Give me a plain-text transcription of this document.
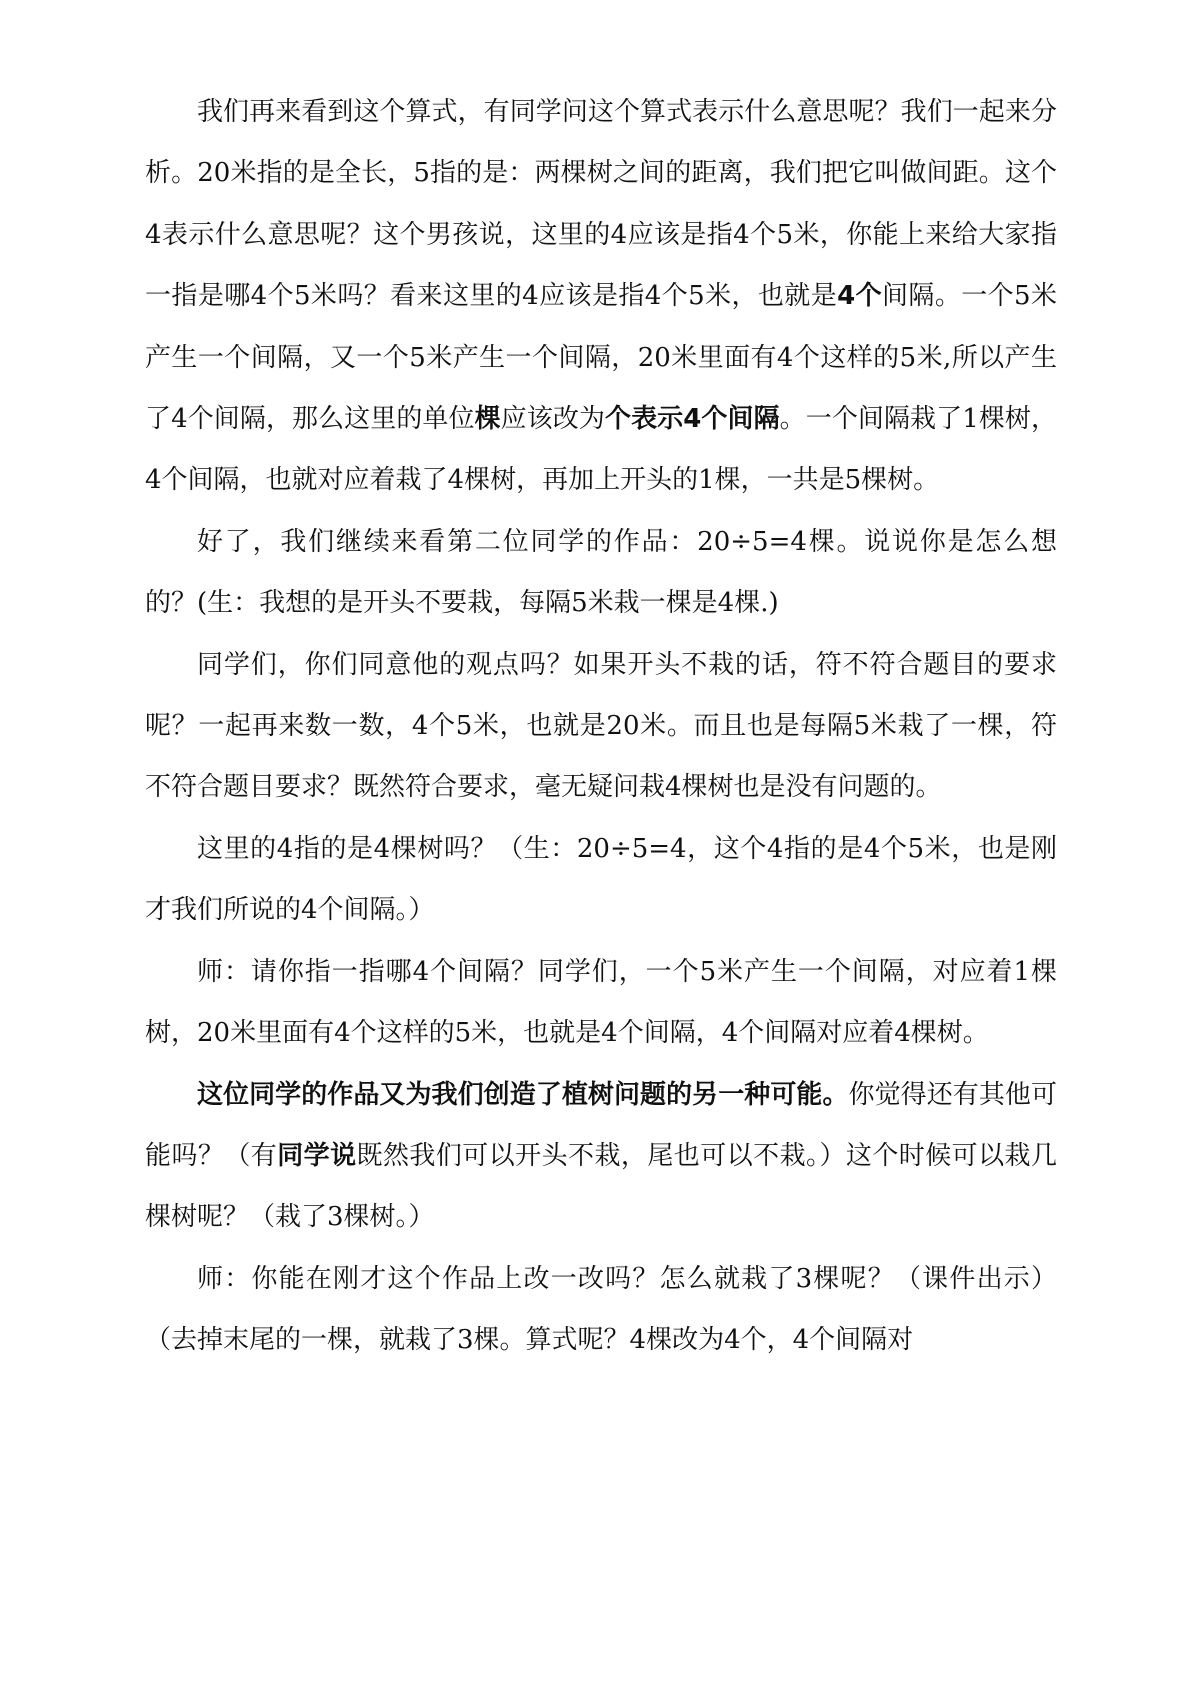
我们再来看到这个算式，有同学问这个算式表示什么意思呢？我们一起来分析。20米指的是全长，5指的是：两棵树之间的距离，我们把它叫做间距。这个4表示什么意思呢？这个男孩说，这里的4应该是指4个5米，你能上来给大家指一指是哪4个5米吗？看来这里的4应该是指4个5米，也就是4个间隔。一个5米产生一个间隔，又一个5米产生一个间隔，20米里面有4个这样的5米,所以产生了4个间隔，那么这里的单位棵应该改为个表示4个间隔。一个间隔栽了1棵树，4个间隔，也就对应着栽了4棵树，再加上开头的1棵，一共是5棵树。

好了，我们继续来看第二位同学的作品：20÷5=4棵。说说你是怎么想的？(生：我想的是开头不要栽，每隔5米栽一棵是4棵.)

同学们，你们同意他的观点吗？如果开头不栽的话，符不符合题目的要求呢？一起再来数一数，4个5米，也就是20米。而且也是每隔5米栽了一棵，符不符合题目要求？既然符合要求，毫无疑问栽4棵树也是没有问题的。

这里的4指的是4棵树吗？（生：20÷5=4，这个4指的是4个5米，也是刚才我们所说的4个间隔。）

师：请你指一指哪4个间隔？同学们，一个5米产生一个间隔，对应着1棵树，20米里面有4个这样的5米，也就是4个间隔，4个间隔对应着4棵树。

这位同学的作品又为我们创造了植树问题的另一种可能。你觉得还有其他可能吗？（有同学说既然我们可以开头不栽，尾也可以不栽。）这个时候可以栽几棵树呢？（栽了3棵树。）

师：你能在刚才这个作品上改一改吗？怎么就栽了3棵呢？（课件出示）（去掉末尾的一棵，就栽了3棵。算式呢？4棵改为4个，4个间隔对
